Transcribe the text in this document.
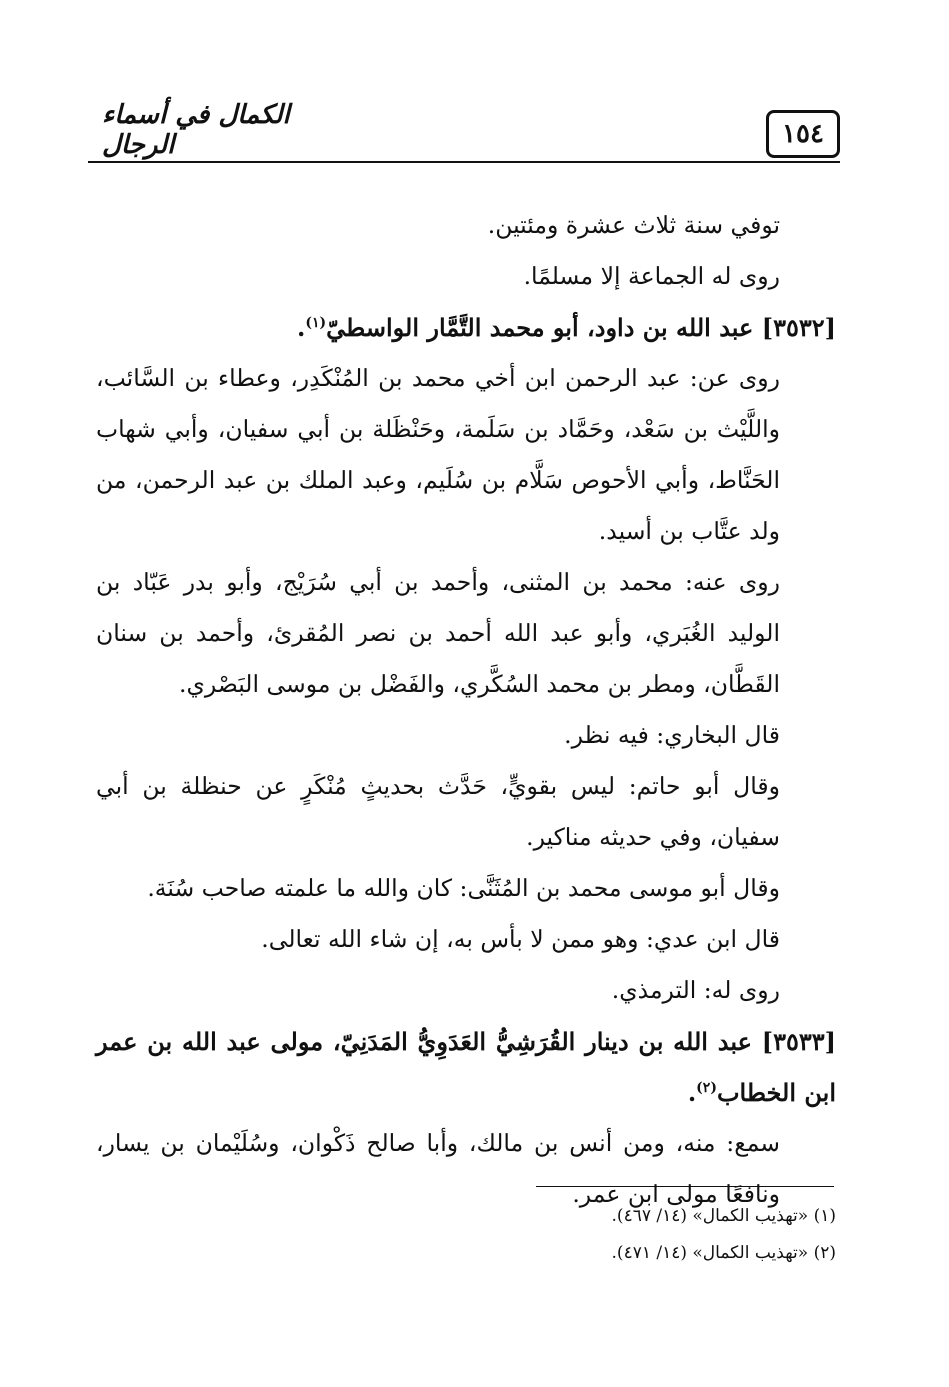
الكمال في أسماء الرجال	١٥٤

توفي سنة ثلاث عشرة ومئتين.

روى له الجماعة إلا مسلمًا.

[٣٥٣٢] عبد الله بن داود، أبو محمد التَّمَّار الواسطيّ$^{(١)}$.

روى عن: عبد الرحمن ابن أخي محمد بن المُنْكَدِر، وعطاء بن السَّائب، واللَّيْث بن سَعْد، وحَمَّاد بن سَلَمة، وحَنْظَلة بن أبي سفيان، وأبي شهاب الحَنَّاط، وأبي الأحوص سَلَّام بن سُلَيم، وعبد الملك بن عبد الرحمن، من ولد عتَّاب بن أسيد.

روى عنه: محمد بن المثنى، وأحمد بن أبي سُرَيْج، وأبو بدر عَبّاد بن الوليد الغُبَري، وأبو عبد الله أحمد بن نصر المُقرئ، وأحمد بن سنان القَطَّان، ومطر بن محمد السُكَّري، والفَضْل بن موسى البَصْري.

قال البخاري: فيه نظر.

وقال أبو حاتم: ليس بقويٍّ، حَدَّث بحديثٍ مُنْكَرٍ عن حنظلة بن أبي سفيان، وفي حديثه مناكير.

وقال أبو موسى محمد بن المُثَنَّى: كان والله ما علمته صاحب سُنَة.

قال ابن عدي: وهو ممن لا بأس به، إن شاء الله تعالى.

روى له: الترمذي.

[٣٥٣٣] عبد الله بن دينار القُرَشِيُّ العَدَوِيُّ المَدَنِيّ، مولى عبد الله بن عمر ابن الخطاب$^{(٢)}$.

سمع: منه، ومن أنس بن مالك، وأبا صالح ذَكْوان، وسُلَيْمان بن يسار، ونافعًا مولى ابن عمر.

(١) «تهذيب الكمال» (١٤/ ٤٦٧).

(٢) «تهذيب الكمال» (١٤/ ٤٧١).
